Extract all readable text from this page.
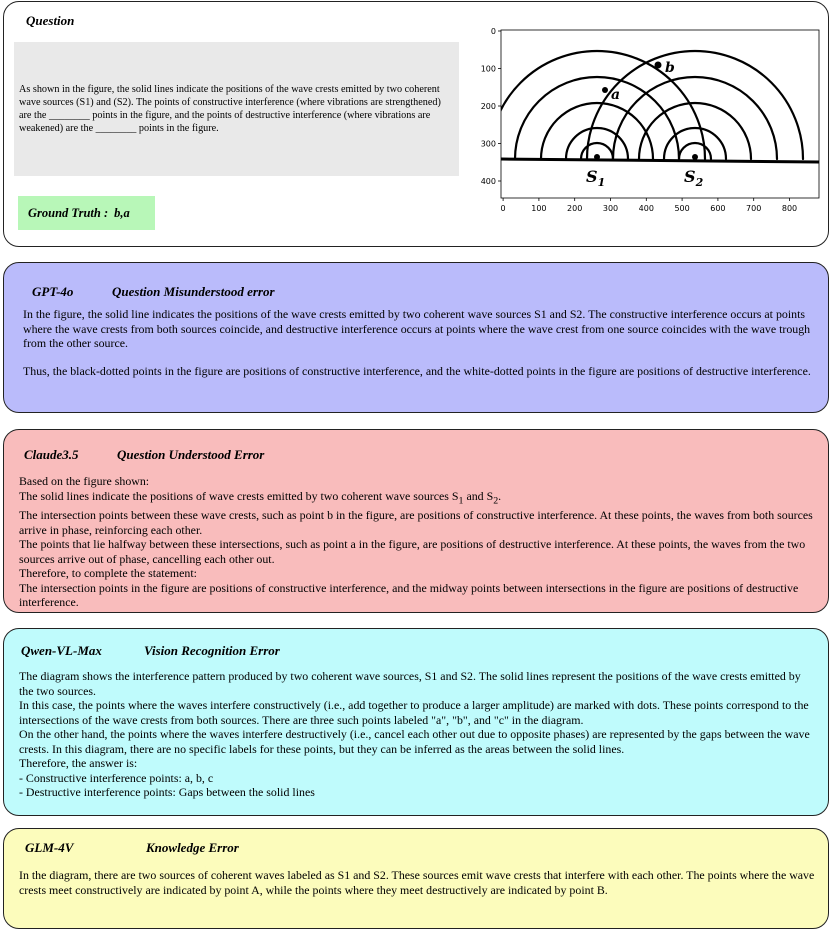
Question
As shown in the figure, the solid lines indicate the positions of the wave crests emitted by two coherent wave sources (S1) and (S2). The points of constructive interference (where vibrations are strengthened) are the ________ points in the figure, and the points of destructive interference (where vibrations are weakened) are the ________ points in the figure.
Ground Truth : b,a
a
b
$S_1$	$S_2$
0	100	200	300	400	500	600	700	800
0
100
200
300
400
GPT-4o	Question Misunderstood error

In the figure, the solid line indicates the positions of the wave crests emitted by two coherent wave sources S1 and S2. The constructive interference occurs at points where the wave crests from both sources coincide, and destructive interference occurs at points where the wave crest from one source coincides with the wave trough from the other source.

Thus, the black-dotted points in the figure are positions of constructive interference, and the white-dotted points in the figure are positions of destructive interference.

Claude3.5	Question Understood Error

Based on the figure shown:

The solid lines indicate the positions of wave crests emitted by two coherent wave sources $S_1$ and $S_2$.

The intersection points between these wave crests, such as point b in the figure, are positions of constructive interference. At these points, the waves from both sources arrive in phase, reinforcing each other.

The points that lie halfway between these intersections, such as point a in the figure, are positions of destructive interference. At these points, the waves from the two sources arrive out of phase, cancelling each other out.

Therefore, to complete the statement:

The intersection points in the figure are positions of constructive interference, and the midway points between intersections in the figure are positions of destructive interference.

Qwen-VL-Max	Vision Recognition Error

The diagram shows the interference pattern produced by two coherent wave sources, S1 and S2. The solid lines represent the positions of the wave crests emitted by the two sources.

In this case, the points where the waves interfere constructively (i.e., add together to produce a larger amplitude) are marked with dots. These points correspond to the intersections of the wave crests from both sources. There are three such points labeled "a", "b", and "c" in the diagram.

On the other hand, the points where the waves interfere destructively (i.e., cancel each other out due to opposite phases) are represented by the gaps between the wave crests. In this diagram, there are no specific labels for these points, but they can be inferred as the areas between the solid lines.

Therefore, the answer is:

- Constructive interference points: a, b, c

- Destructive interference points: Gaps between the solid lines

GLM-4V	Knowledge Error

In the diagram, there are two sources of coherent waves labeled as S1 and S2. These sources emit wave crests that interfere with each other. The points where the wave crests meet constructively are indicated by point A, while the points where they meet destructively are indicated by point B.
